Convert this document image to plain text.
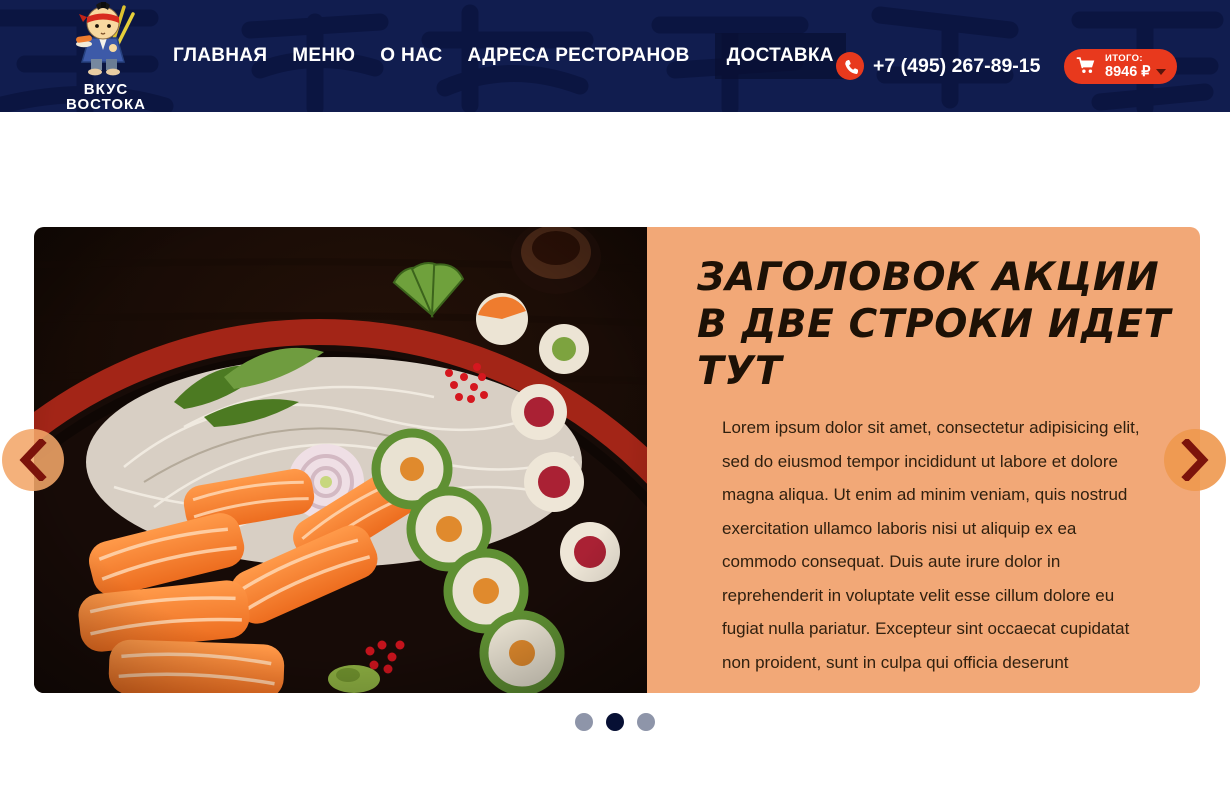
ВКУС
ВОСТОКА
ГЛАВНАЯ МЕНЮ О НАС АДРЕСА РЕСТОРАНОВ	ДОСТАВКА	+7 (495) 267-89-15	ИТОГО:
8946 ₽
ЗАГОЛОВОК АКЦИИ
В ДВЕ СТРОКИ ИДЕТ ТУТ

Lorem ipsum dolor sit amet, consectetur adipisicing elit, sed do eiusmod tempor incididunt ut labore et dolore magna aliqua. Ut enim ad minim veniam, quis nostrud exercitation ullamco laboris nisi ut aliquip ex ea commodo consequat. Duis aute irure dolor in reprehenderit in voluptate velit esse cillum dolore eu fugiat nulla pariatur. Excepteur sint occaecat cupidatat non proident, sunt in culpa qui officia deserunt
